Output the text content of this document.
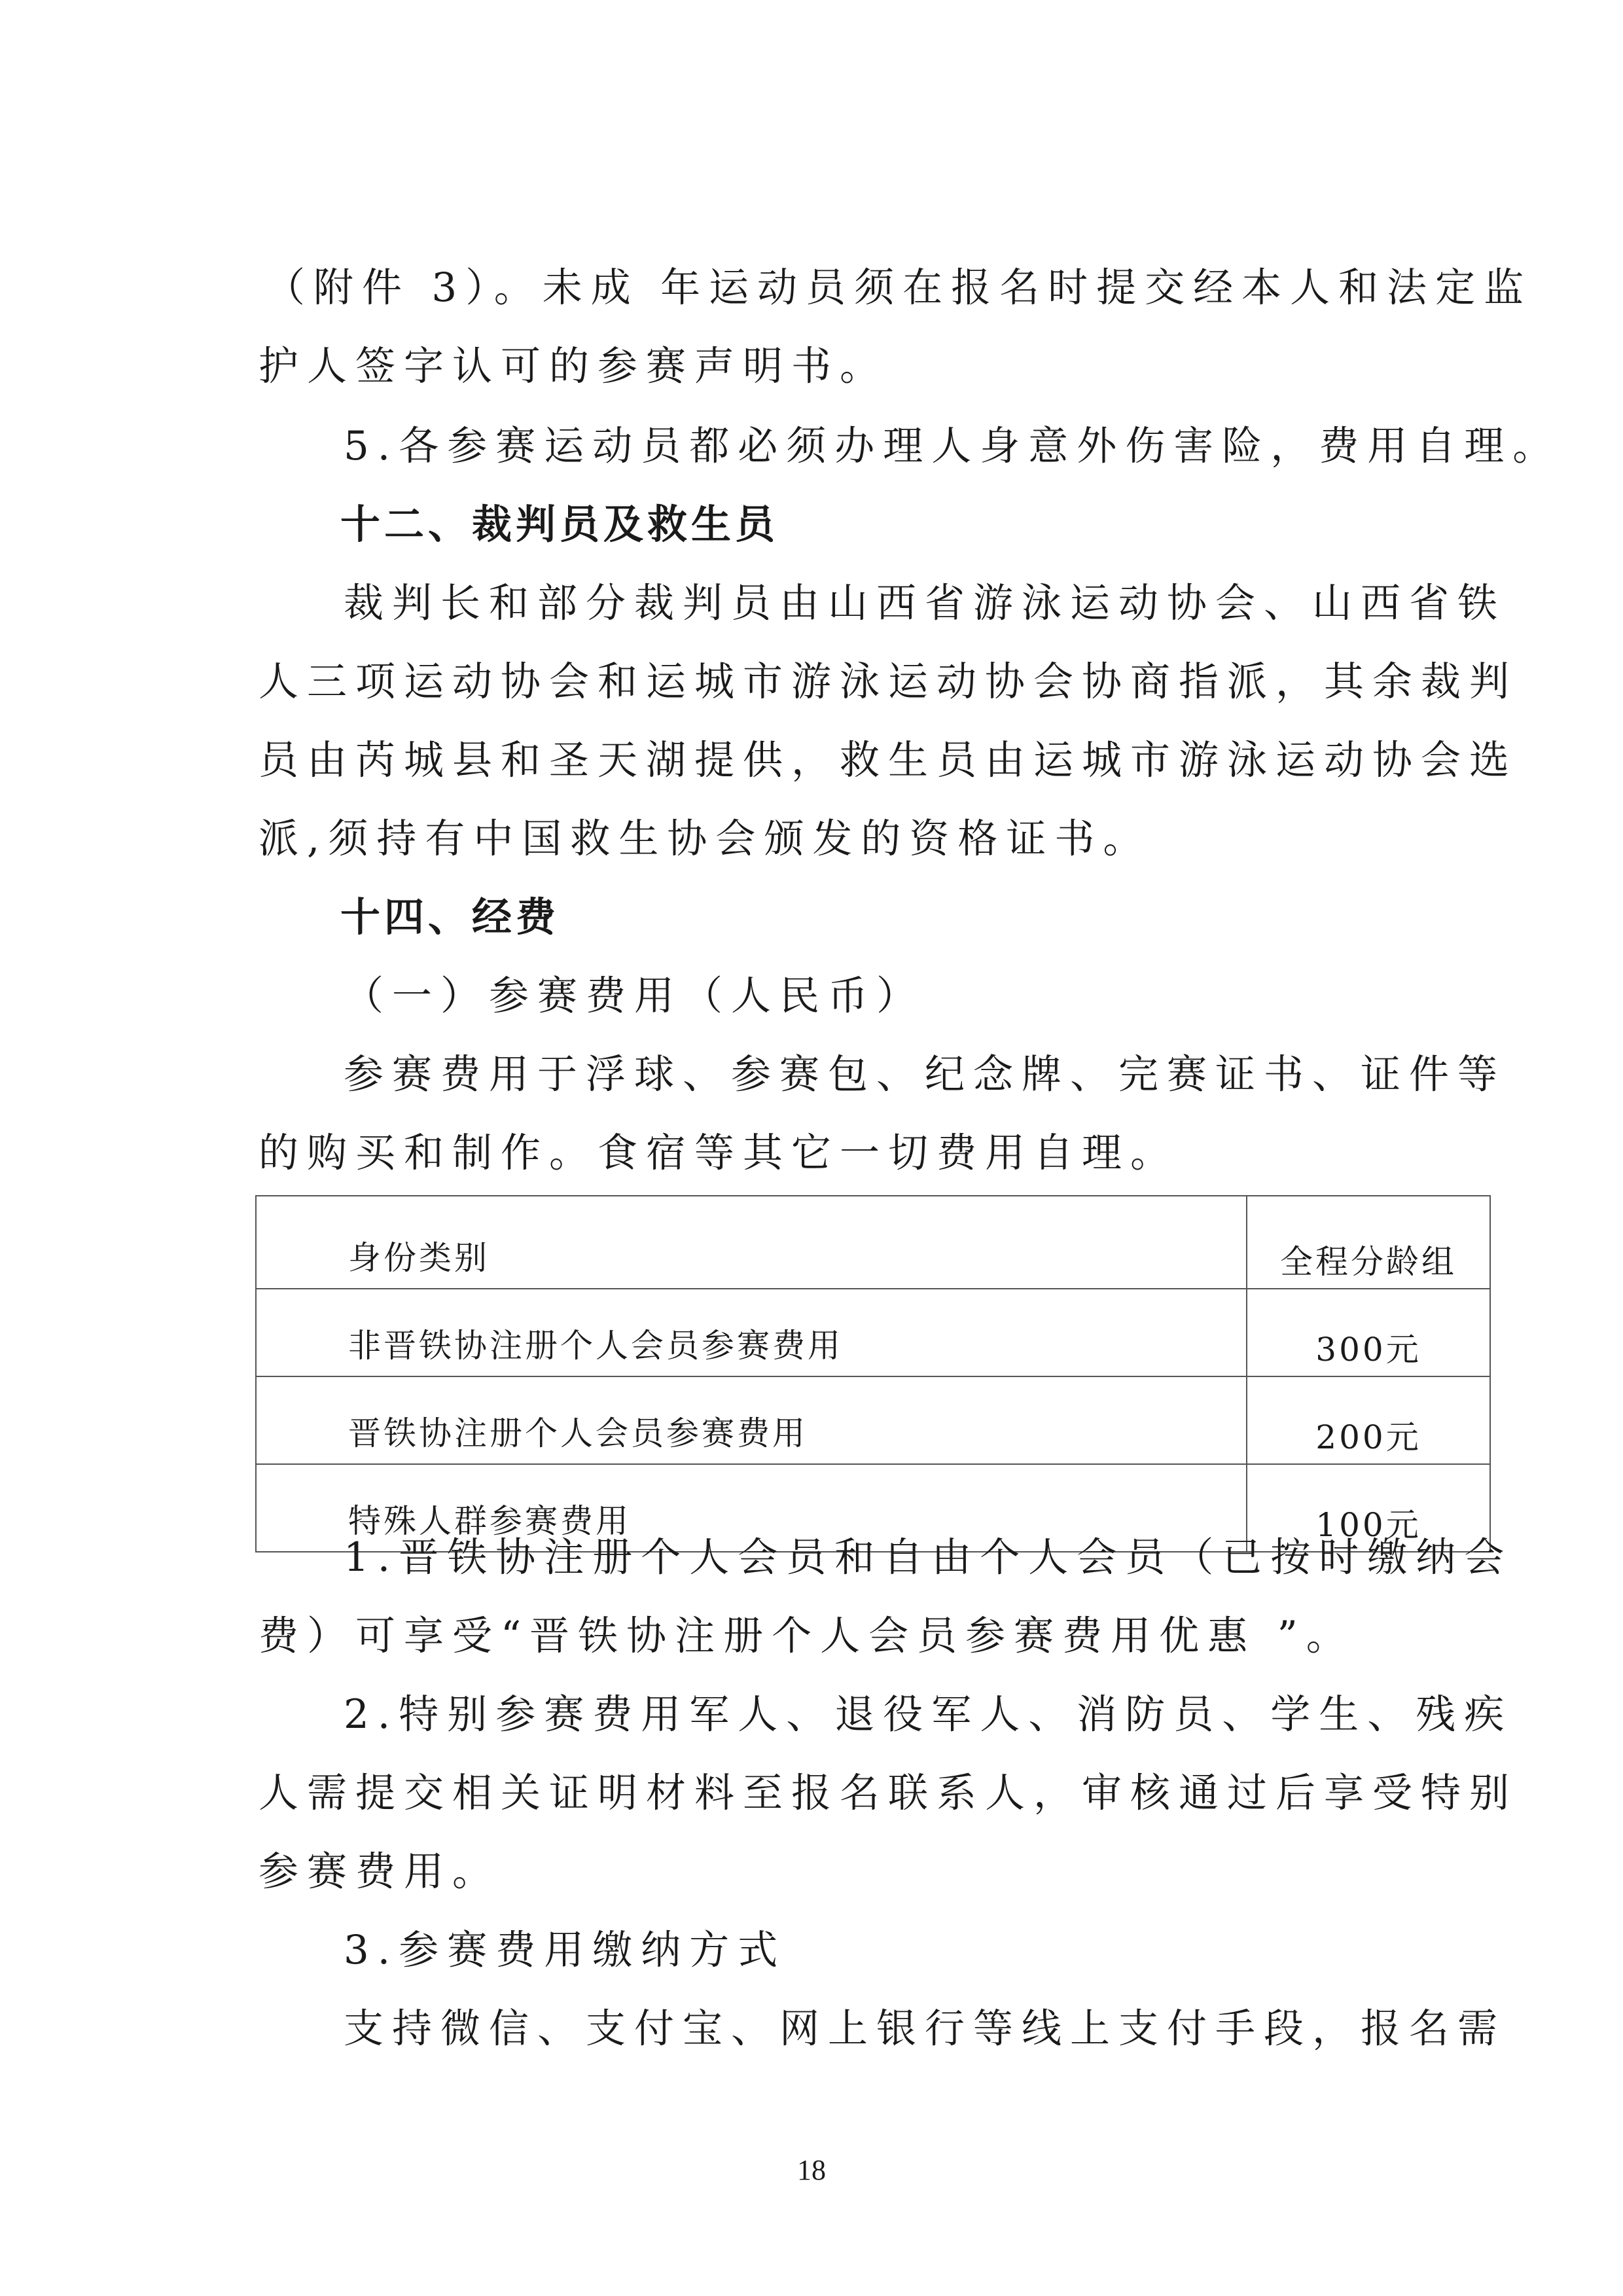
（附件 3）。未成 年运动员须在报名时提交经本人和法定监
护人签字认可的参赛声明书。
5.各参赛运动员都必须办理人身意外伤害险，费用自理。
十二、裁判员及救生员
裁判长和部分裁判员由山西省游泳运动协会、山西省铁
人三项运动协会和运城市游泳运动协会协商指派，其余裁判
员由芮城县和圣天湖提供，救生员由运城市游泳运动协会选
派,须持有中国救生协会颁发的资格证书。
十四、经费
（一）参赛费用（人民币）
参赛费用于浮球、参赛包、纪念牌、完赛证书、证件等
的购买和制作。食宿等其它一切费用自理。
身份类别	全程分龄组
非晋铁协注册个人会员参赛费用	300元
晋铁协注册个人会员参赛费用	200元
特殊人群参赛费用	100元
1.晋铁协注册个人会员和自由个人会员（已按时缴纳会
费）可享受“晋铁协注册个人会员参赛费用优惠 ”。
2.特别参赛费用军人、退役军人、消防员、学生、残疾
人需提交相关证明材料至报名联系人，审核通过后享受特别
参赛费用。
3.参赛费用缴纳方式
支持微信、支付宝、网上银行等线上支付手段，报名需
18
